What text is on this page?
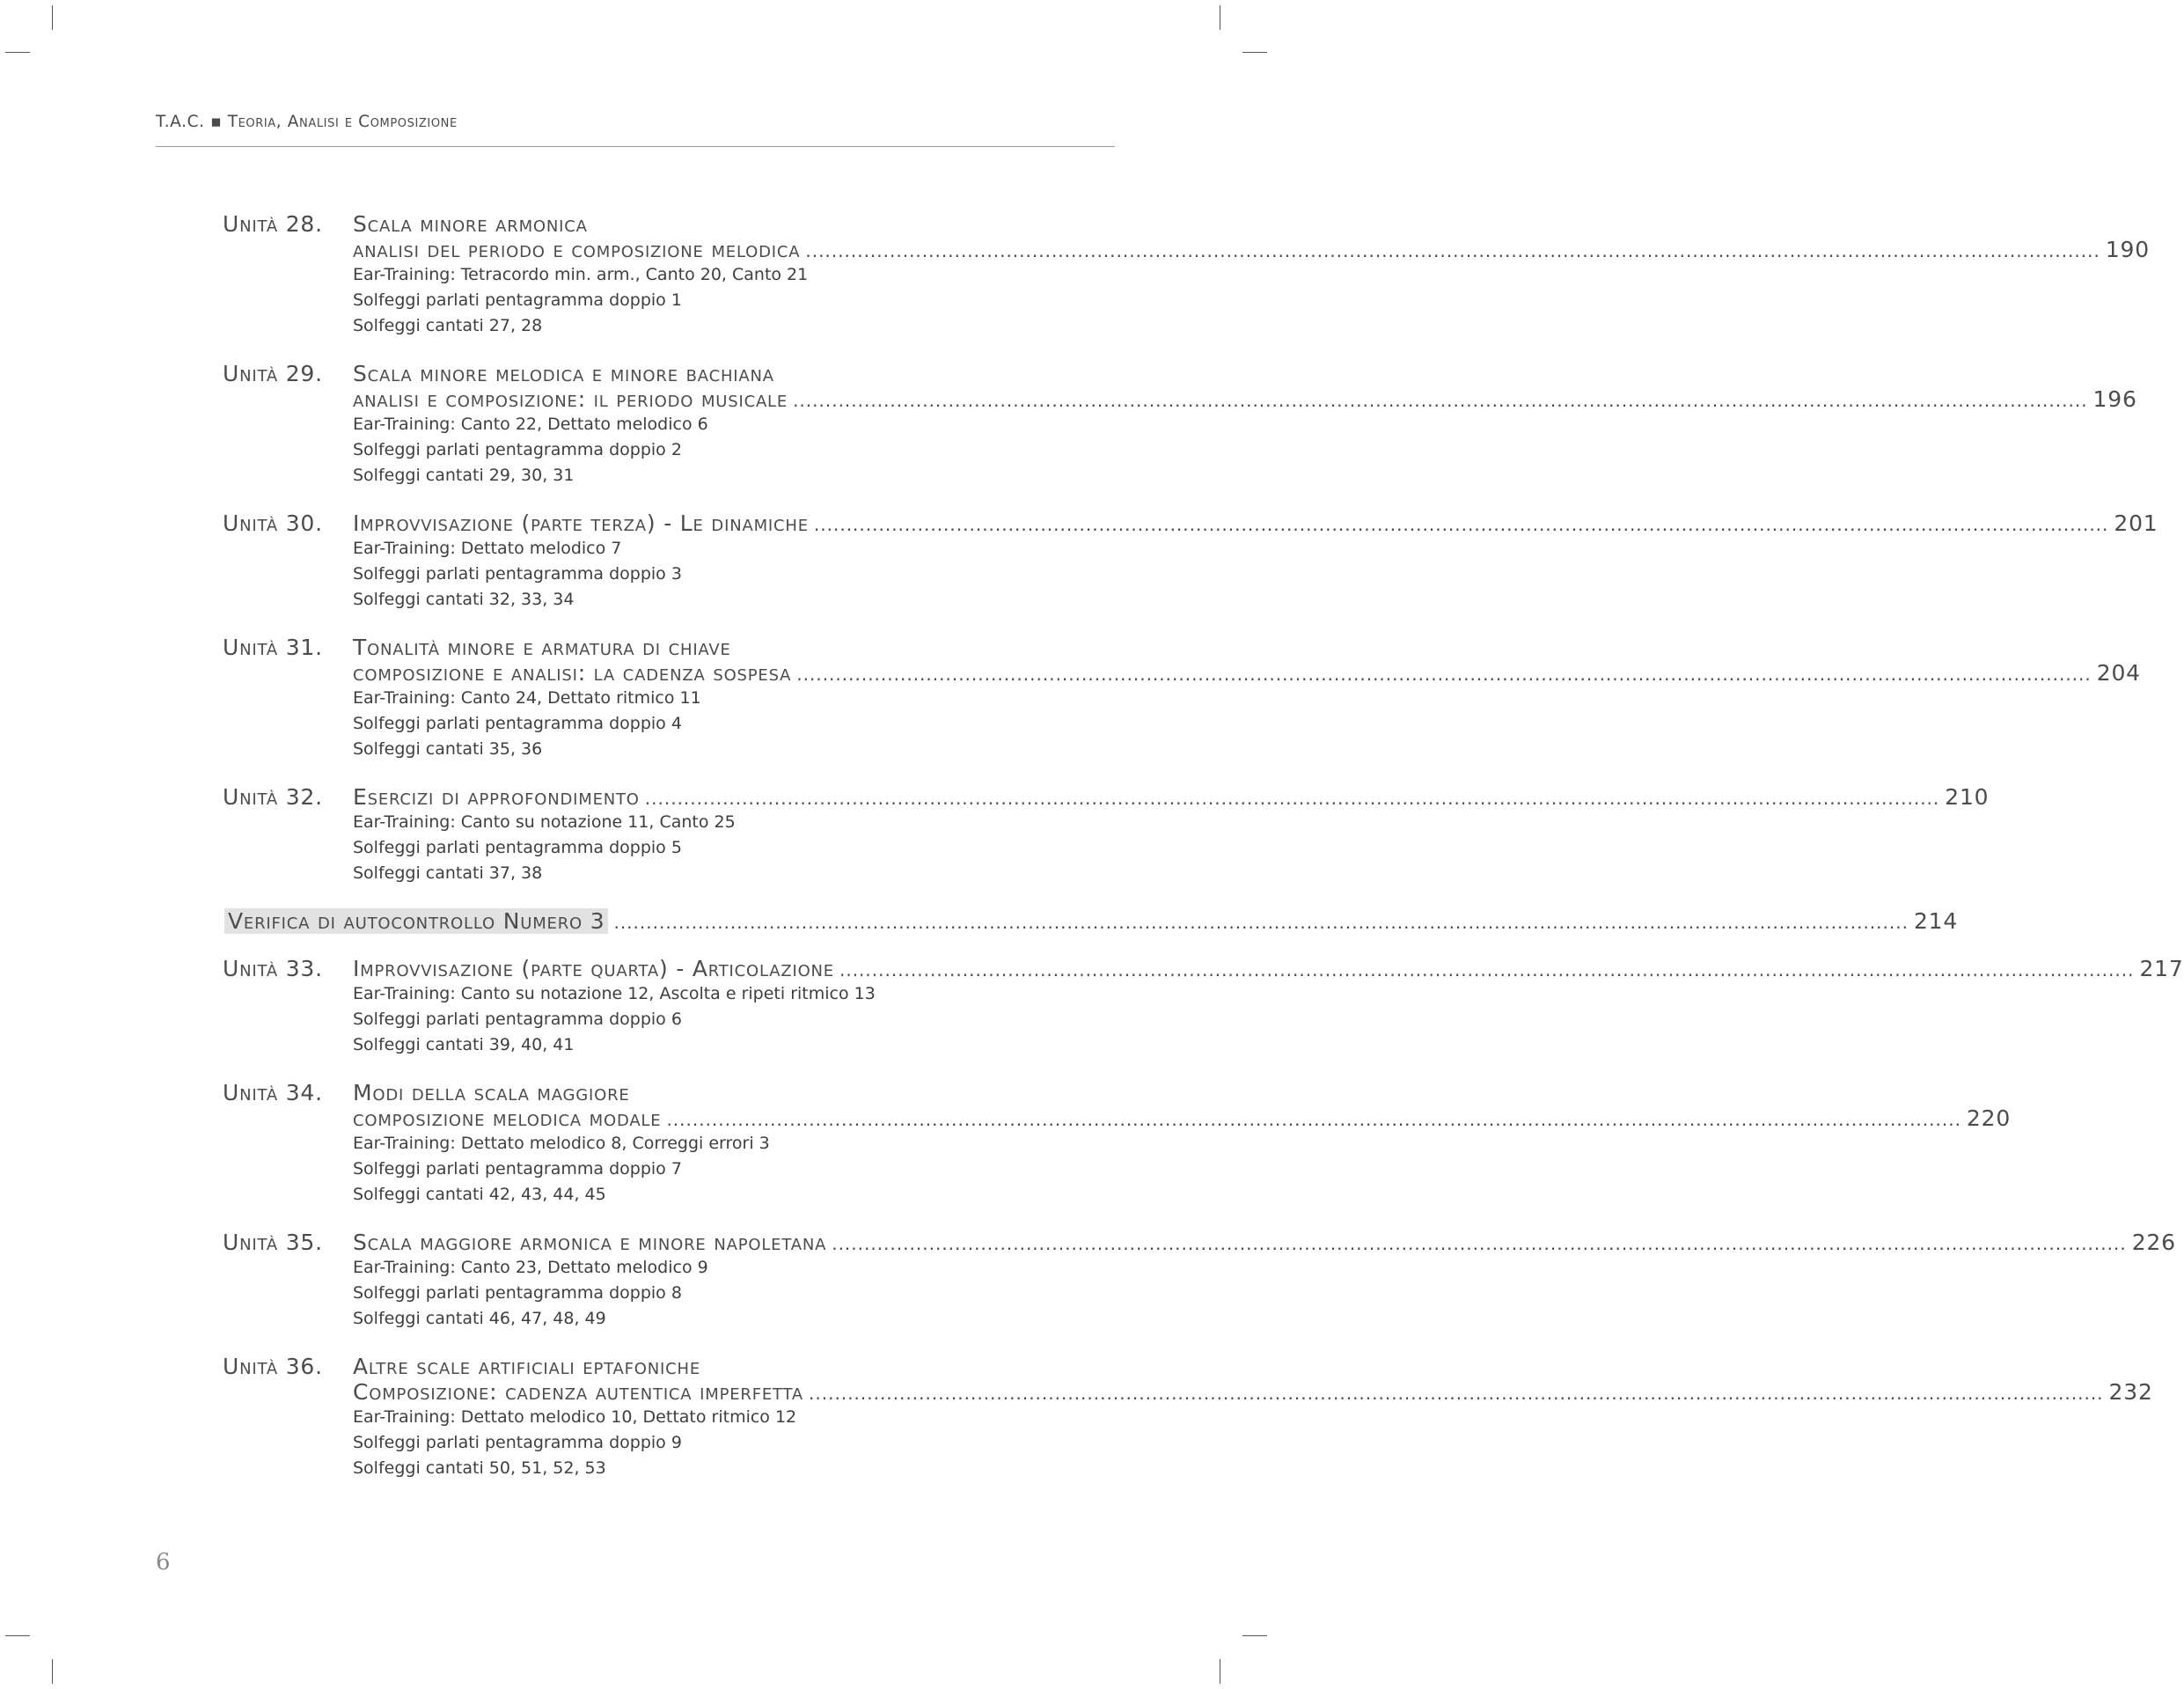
T.A.C. ▪ Teoria, Analisi e Composizione
Unità 28.	Scala minore armonica
analisi del periodo e composizione melodica ........................................................................................................................................................................................................ 190
Ear-Training: Tetracordo min. arm., Canto 20, Canto 21
Solfeggi parlati pentagramma doppio 1
Solfeggi cantati 27, 28
Unità 29.	Scala minore melodica e minore bachiana
analisi e composizione: il periodo musicale ........................................................................................................................................................................................................ 196
Ear-Training: Canto 22, Dettato melodico 6
Solfeggi parlati pentagramma doppio 2
Solfeggi cantati 29, 30, 31
Unità 30.	Improvvisazione (parte terza) - Le dinamiche ........................................................................................................................................................................................................ 201
Ear-Training: Dettato melodico 7
Solfeggi parlati pentagramma doppio 3
Solfeggi cantati 32, 33, 34
Unità 31.	Tonalità minore e armatura di chiave
composizione e analisi: la cadenza sospesa ........................................................................................................................................................................................................ 204
Ear-Training: Canto 24, Dettato ritmico 11
Solfeggi parlati pentagramma doppio 4
Solfeggi cantati 35, 36
Unità 32.	Esercizi di approfondimento ........................................................................................................................................................................................................ 210
Ear-Training: Canto su notazione 11, Canto 25
Solfeggi parlati pentagramma doppio 5
Solfeggi cantati 37, 38
Verifica di autocontrollo Numero 3 ........................................................................................................................................................................................................ 214
Unità 33.	Improvvisazione (parte quarta) - Articolazione ........................................................................................................................................................................................................ 217
Ear-Training: Canto su notazione 12, Ascolta e ripeti ritmico 13
Solfeggi parlati pentagramma doppio 6
Solfeggi cantati 39, 40, 41
Unità 34.	Modi della scala maggiore
composizione melodica modale ........................................................................................................................................................................................................ 220
Ear-Training: Dettato melodico 8, Correggi errori 3
Solfeggi parlati pentagramma doppio 7
Solfeggi cantati 42, 43, 44, 45
Unità 35.	Scala maggiore armonica e minore napoletana ........................................................................................................................................................................................................ 226
Ear-Training: Canto 23, Dettato melodico 9
Solfeggi parlati pentagramma doppio 8
Solfeggi cantati 46, 47, 48, 49
Unità 36.	Altre scale artificiali eptafoniche
Composizione: cadenza autentica imperfetta ........................................................................................................................................................................................................ 232
Ear-Training: Dettato melodico 10, Dettato ritmico 12
Solfeggi parlati pentagramma doppio 9
Solfeggi cantati 50, 51, 52, 53
6
